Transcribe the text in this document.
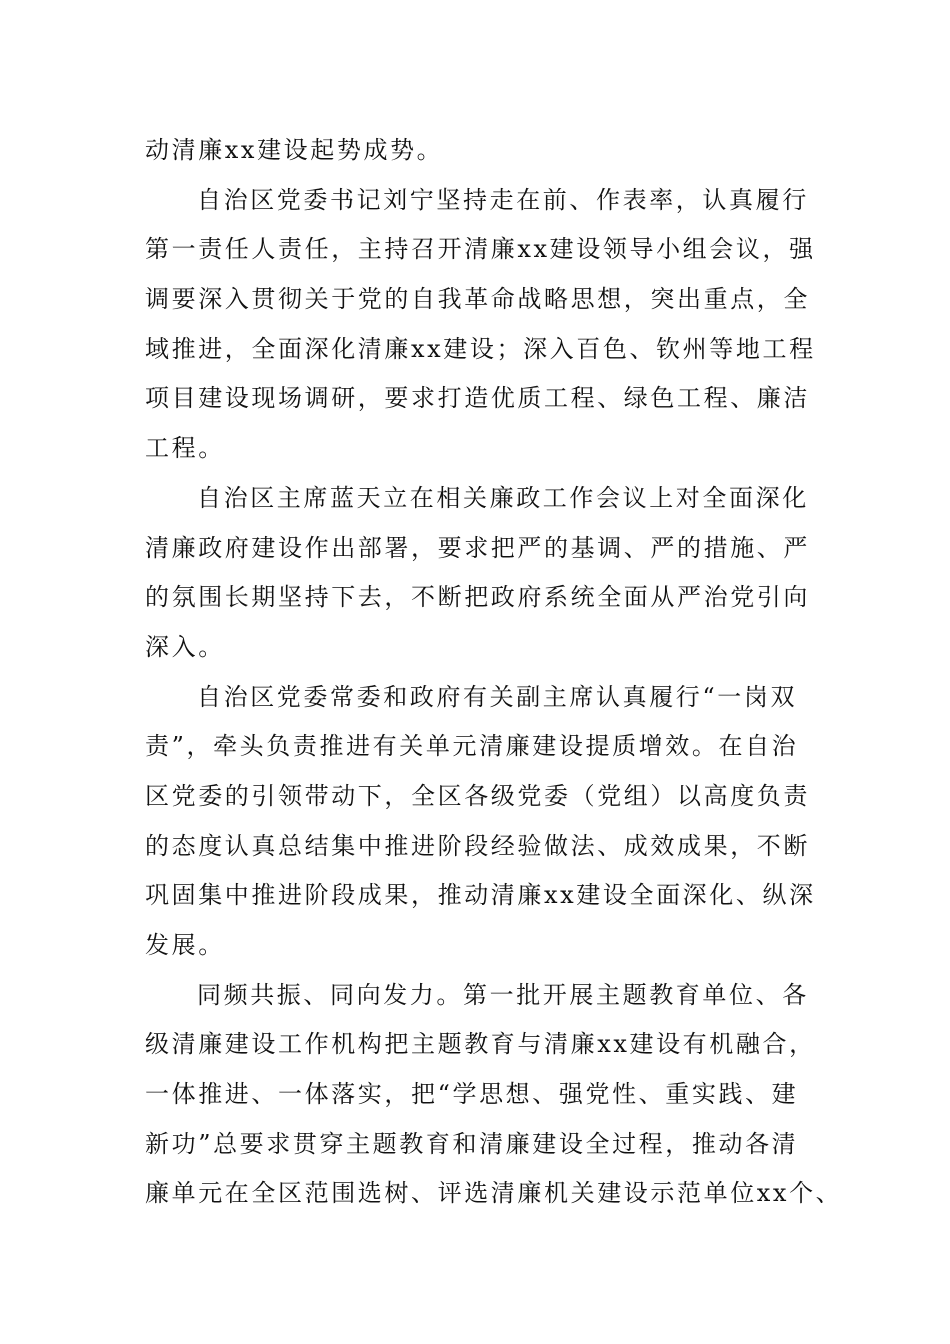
动清廉xx建设起势成势。
自治区党委书记刘宁坚持走在前、作表率，认真履行
第一责任人责任，主持召开清廉xx建设领导小组会议，强
调要深入贯彻关于党的自我革命战略思想，突出重点，全
域推进，全面深化清廉xx建设；深入百色、钦州等地工程
项目建设现场调研，要求打造优质工程、绿色工程、廉洁
工程。
自治区主席蓝天立在相关廉政工作会议上对全面深化
清廉政府建设作出部署，要求把严的基调、严的措施、严
的氛围长期坚持下去，不断把政府系统全面从严治党引向
深入。
自治区党委常委和政府有关副主席认真履行“一岗双
责”，牵头负责推进有关单元清廉建设提质增效。在自治
区党委的引领带动下，全区各级党委（党组）以高度负责
的态度认真总结集中推进阶段经验做法、成效成果，不断
巩固集中推进阶段成果，推动清廉xx建设全面深化、纵深
发展。
同频共振、同向发力。第一批开展主题教育单位、各
级清廉建设工作机构把主题教育与清廉xx建设有机融合，
一体推进、一体落实，把“学思想、强党性、重实践、建
新功”总要求贯穿主题教育和清廉建设全过程，推动各清
廉单元在全区范围选树、评选清廉机关建设示范单位xx个、
